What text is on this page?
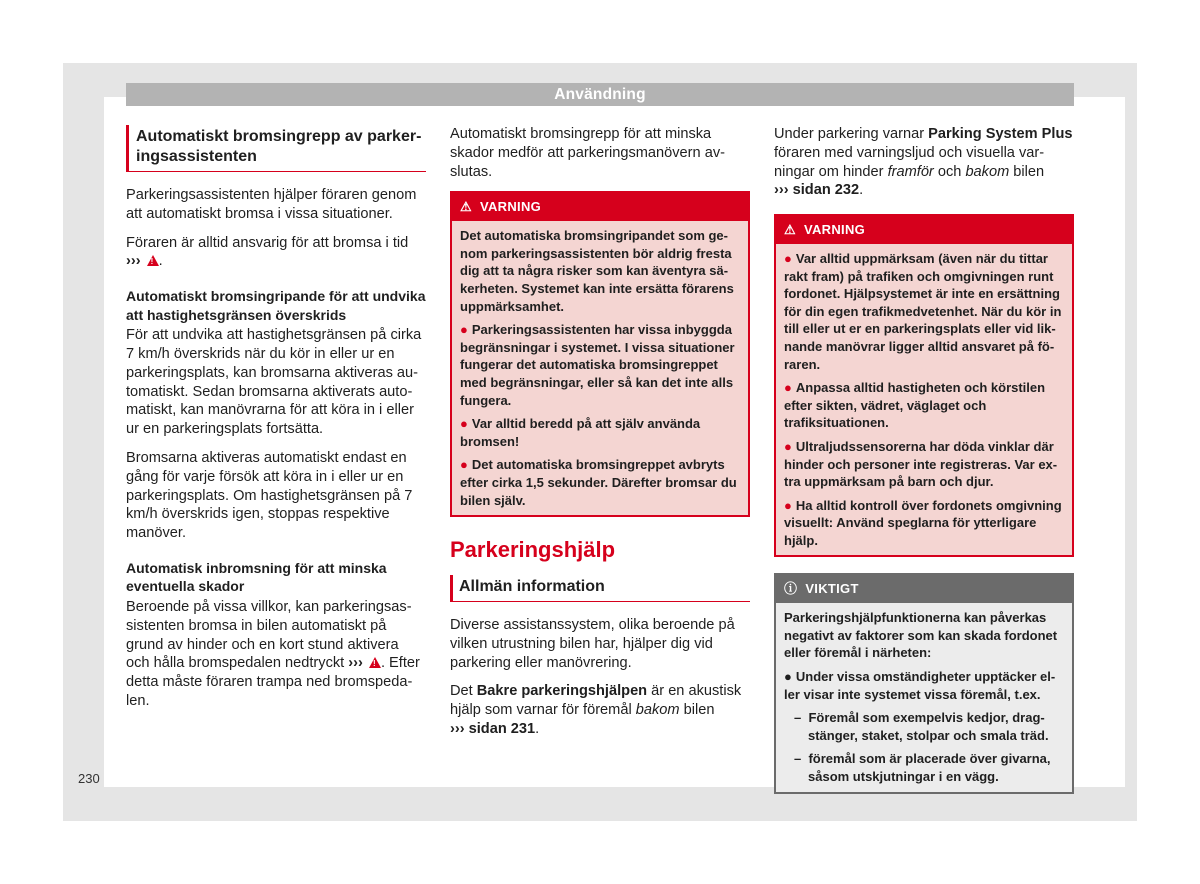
Användning
Automatiskt bromsingrepp av parkeringsassistenten

Parkeringsassistenten hjälper föraren genom att automatiskt bromsa i vissa situationer.

Föraren är alltid ansvarig för att bromsa i tid ››› ! .

Automatiskt bromsingripande för att undvika att hastighetsgränsen överskrids

För att undvika att hastighetsgränsen på cirka 7 km/h överskrids när du kör in eller ur en parkeringsplats, kan bromsarna aktiveras automatiskt. Sedan bromsarna aktiverats automatiskt, kan manövrarna för att köra in i eller ur en parkeringsplats fortsätta.

Bromsarna aktiveras automatiskt endast en gång för varje försök att köra in i eller ur en parkeringsplats. Om hastighetsgränsen på 7 km/h överskrids igen, stoppas respektive manöver.

Automatisk inbromsning för att minska eventuella skador

Beroende på vissa villkor, kan parkeringsassistenten bromsa in bilen automatiskt på grund av hinder och en kort stund aktivera och hålla bromspedalen nedtryckt ››› ! . Efter detta måste föraren trampa ned bromspedalen.

Automatiskt bromsingrepp för att minska skador medför att parkeringsmanövern avslutas.

⚠ VARNING

Det automatiska bromsingripandet som genom parkeringsassistenten bör aldrig fresta dig att ta några risker som kan äventyra säkerheten. Systemet kan inte ersätta förarens uppmärksamhet.

● Parkeringsassistenten har vissa inbyggda begränsningar i systemet. I vissa situationer fungerar det automatiska bromsingreppet med begränsningar, eller så kan det inte alls fungera.

● Var alltid beredd på att själv använda bromsen!

● Det automatiska bromsingreppet avbryts efter cirka 1,5 sekunder. Därefter bromsar du bilen själv.

Parkeringshjälp
Allmän information

Diverse assistanssystem, olika beroende på vilken utrustning bilen har, hjälper dig vid parkering eller manövrering.

Det Bakre parkeringshjälpen är en akustisk hjälp som varnar för föremål bakom bilen
››› sidan 231.

Under parkering varnar Parking System Plus föraren med varningsljud och visuella varningar om hinder framför och bakom bilen
››› sidan 232.

⚠ VARNING

● Var alltid uppmärksam (även när du tittar rakt fram) på trafiken och omgivningen runt fordonet. Hjälpsystemet är inte en ersättning för din egen trafikmedvetenhet. När du kör in till eller ut er en parkeringsplats eller vid liknande manövrar ligger alltid ansvaret på föraren.

● Anpassa alltid hastigheten och körstilen efter sikten, vädret, väglaget och trafiksituationen.

● Ultraljudssensorerna har döda vinklar där hinder och personer inte registreras. Var extra uppmärksam på barn och djur.

● Ha alltid kontroll över fordonets omgivning visuellt: Använd speglarna för ytterligare hjälp.

ⓘ VIKTIGT

Parkeringshjälpfunktionerna kan påverkas negativt av faktorer som kan skada fordonet eller föremål i närheten:

● Under vissa omständigheter upptäcker eller visar inte systemet vissa föremål, t.ex.

–  Föremål som exempelvis kedjor, dragstänger, staket, stolpar och smala träd.

–  föremål som är placerade över givarna, såsom utskjutningar i en vägg.

230
